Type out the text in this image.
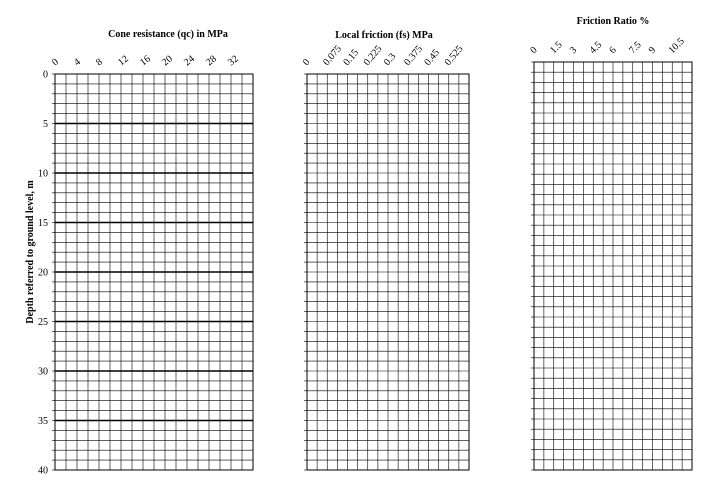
Cone resistance (qc) in MPa
Depth referred to ground level, m
0 4 8 12 16 20 24 28 32
0
5
10
15
20
25
30
35
40
Local friction (fs) MPa
0 0.075
0.15 0.225
0.3 0.375
0.45 0.525
Friction Ratio %
0 1.5 3 4.5 6 7.5 9 10.5
